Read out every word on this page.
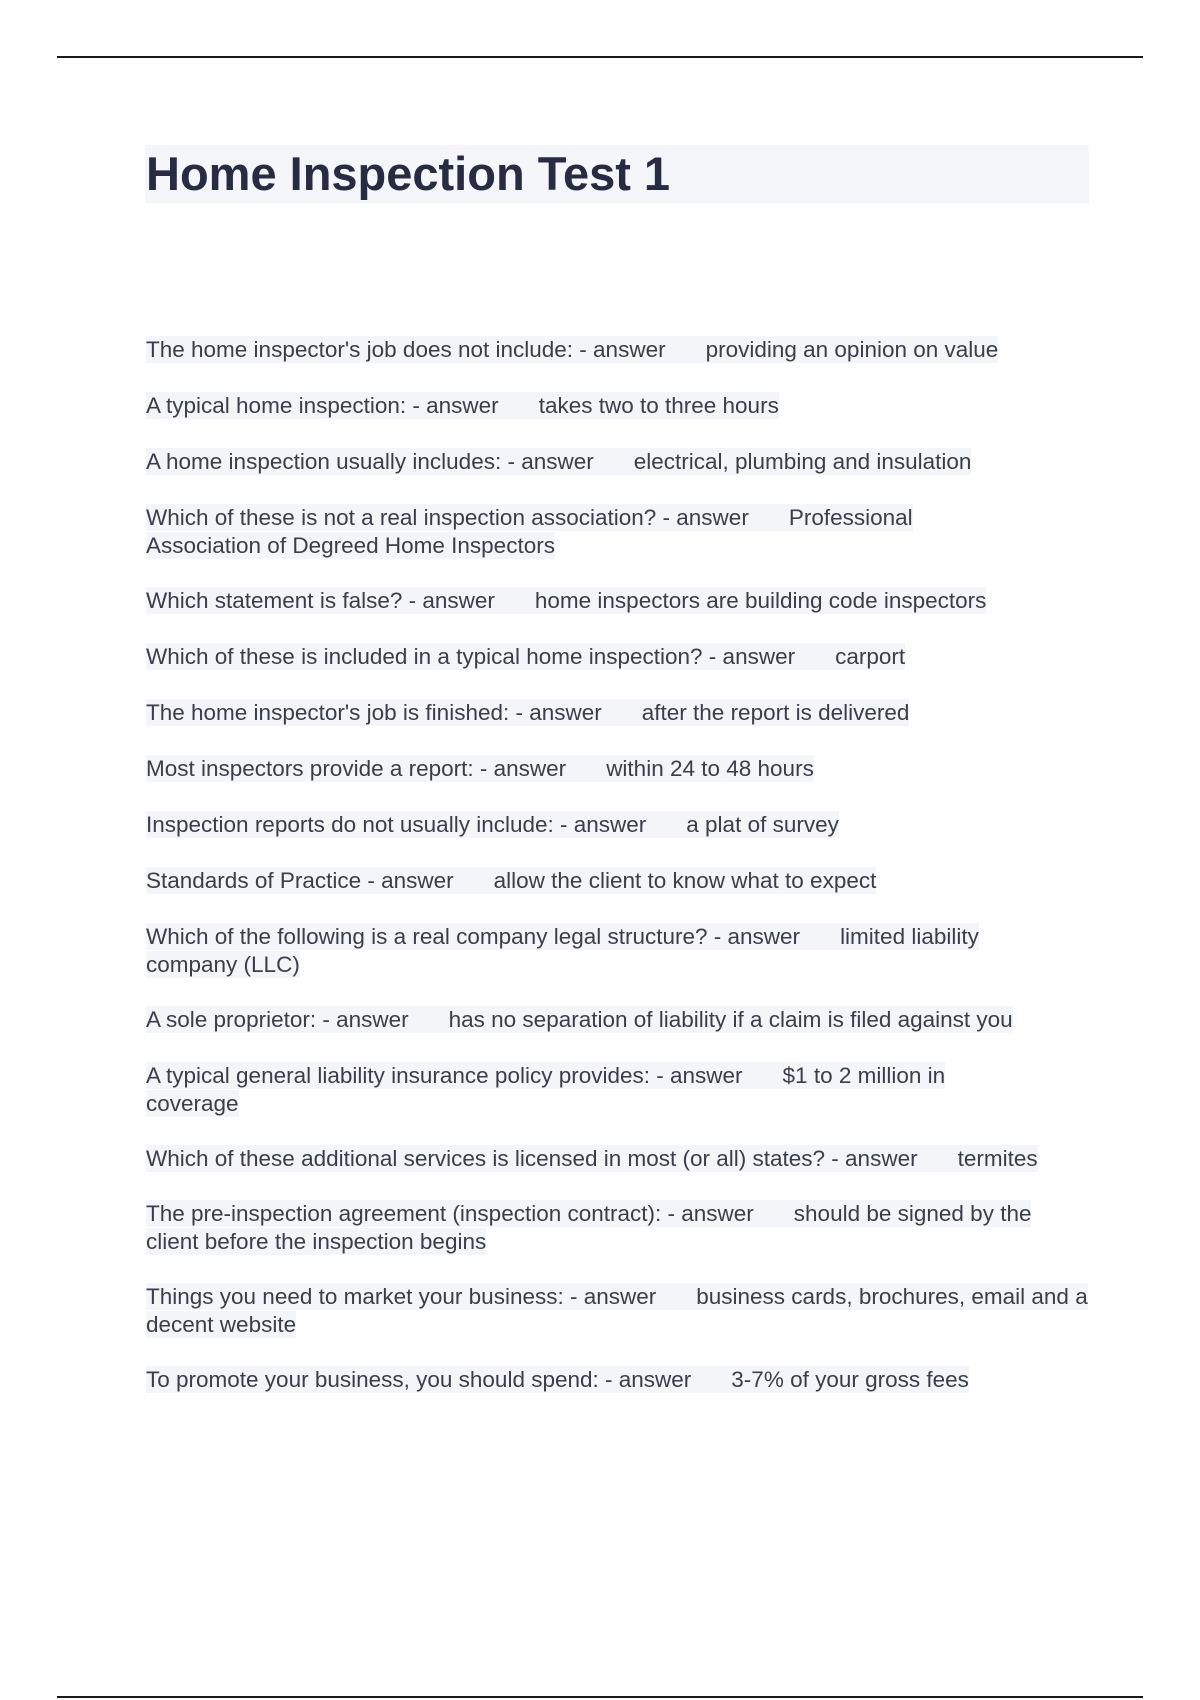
Home Inspection Test 1
The home inspector's job does not include: - answer providing an opinion on value
A typical home inspection: - answer takes two to three hours
A home inspection usually includes: - answer electrical, plumbing and insulation
Which of these is not a real inspection association? - answer Professional Association of Degreed Home Inspectors
Which statement is false? - answer home inspectors are building code inspectors
Which of these is included in a typical home inspection? - answer carport
The home inspector's job is finished: - answer after the report is delivered
Most inspectors provide a report: - answer within 24 to 48 hours
Inspection reports do not usually include: - answer a plat of survey
Standards of Practice - answer allow the client to know what to expect
Which of the following is a real company legal structure? - answer limited liability company (LLC)
A sole proprietor: - answer has no separation of liability if a claim is filed against you
A typical general liability insurance policy provides: - answer $1 to 2 million in coverage
Which of these additional services is licensed in most (or all) states? - answer termites
The pre-inspection agreement (inspection contract): - answer should be signed by the client before the inspection begins
Things you need to market your business: - answer business cards, brochures, email and a decent website
To promote your business, you should spend: - answer 3-7% of your gross fees
